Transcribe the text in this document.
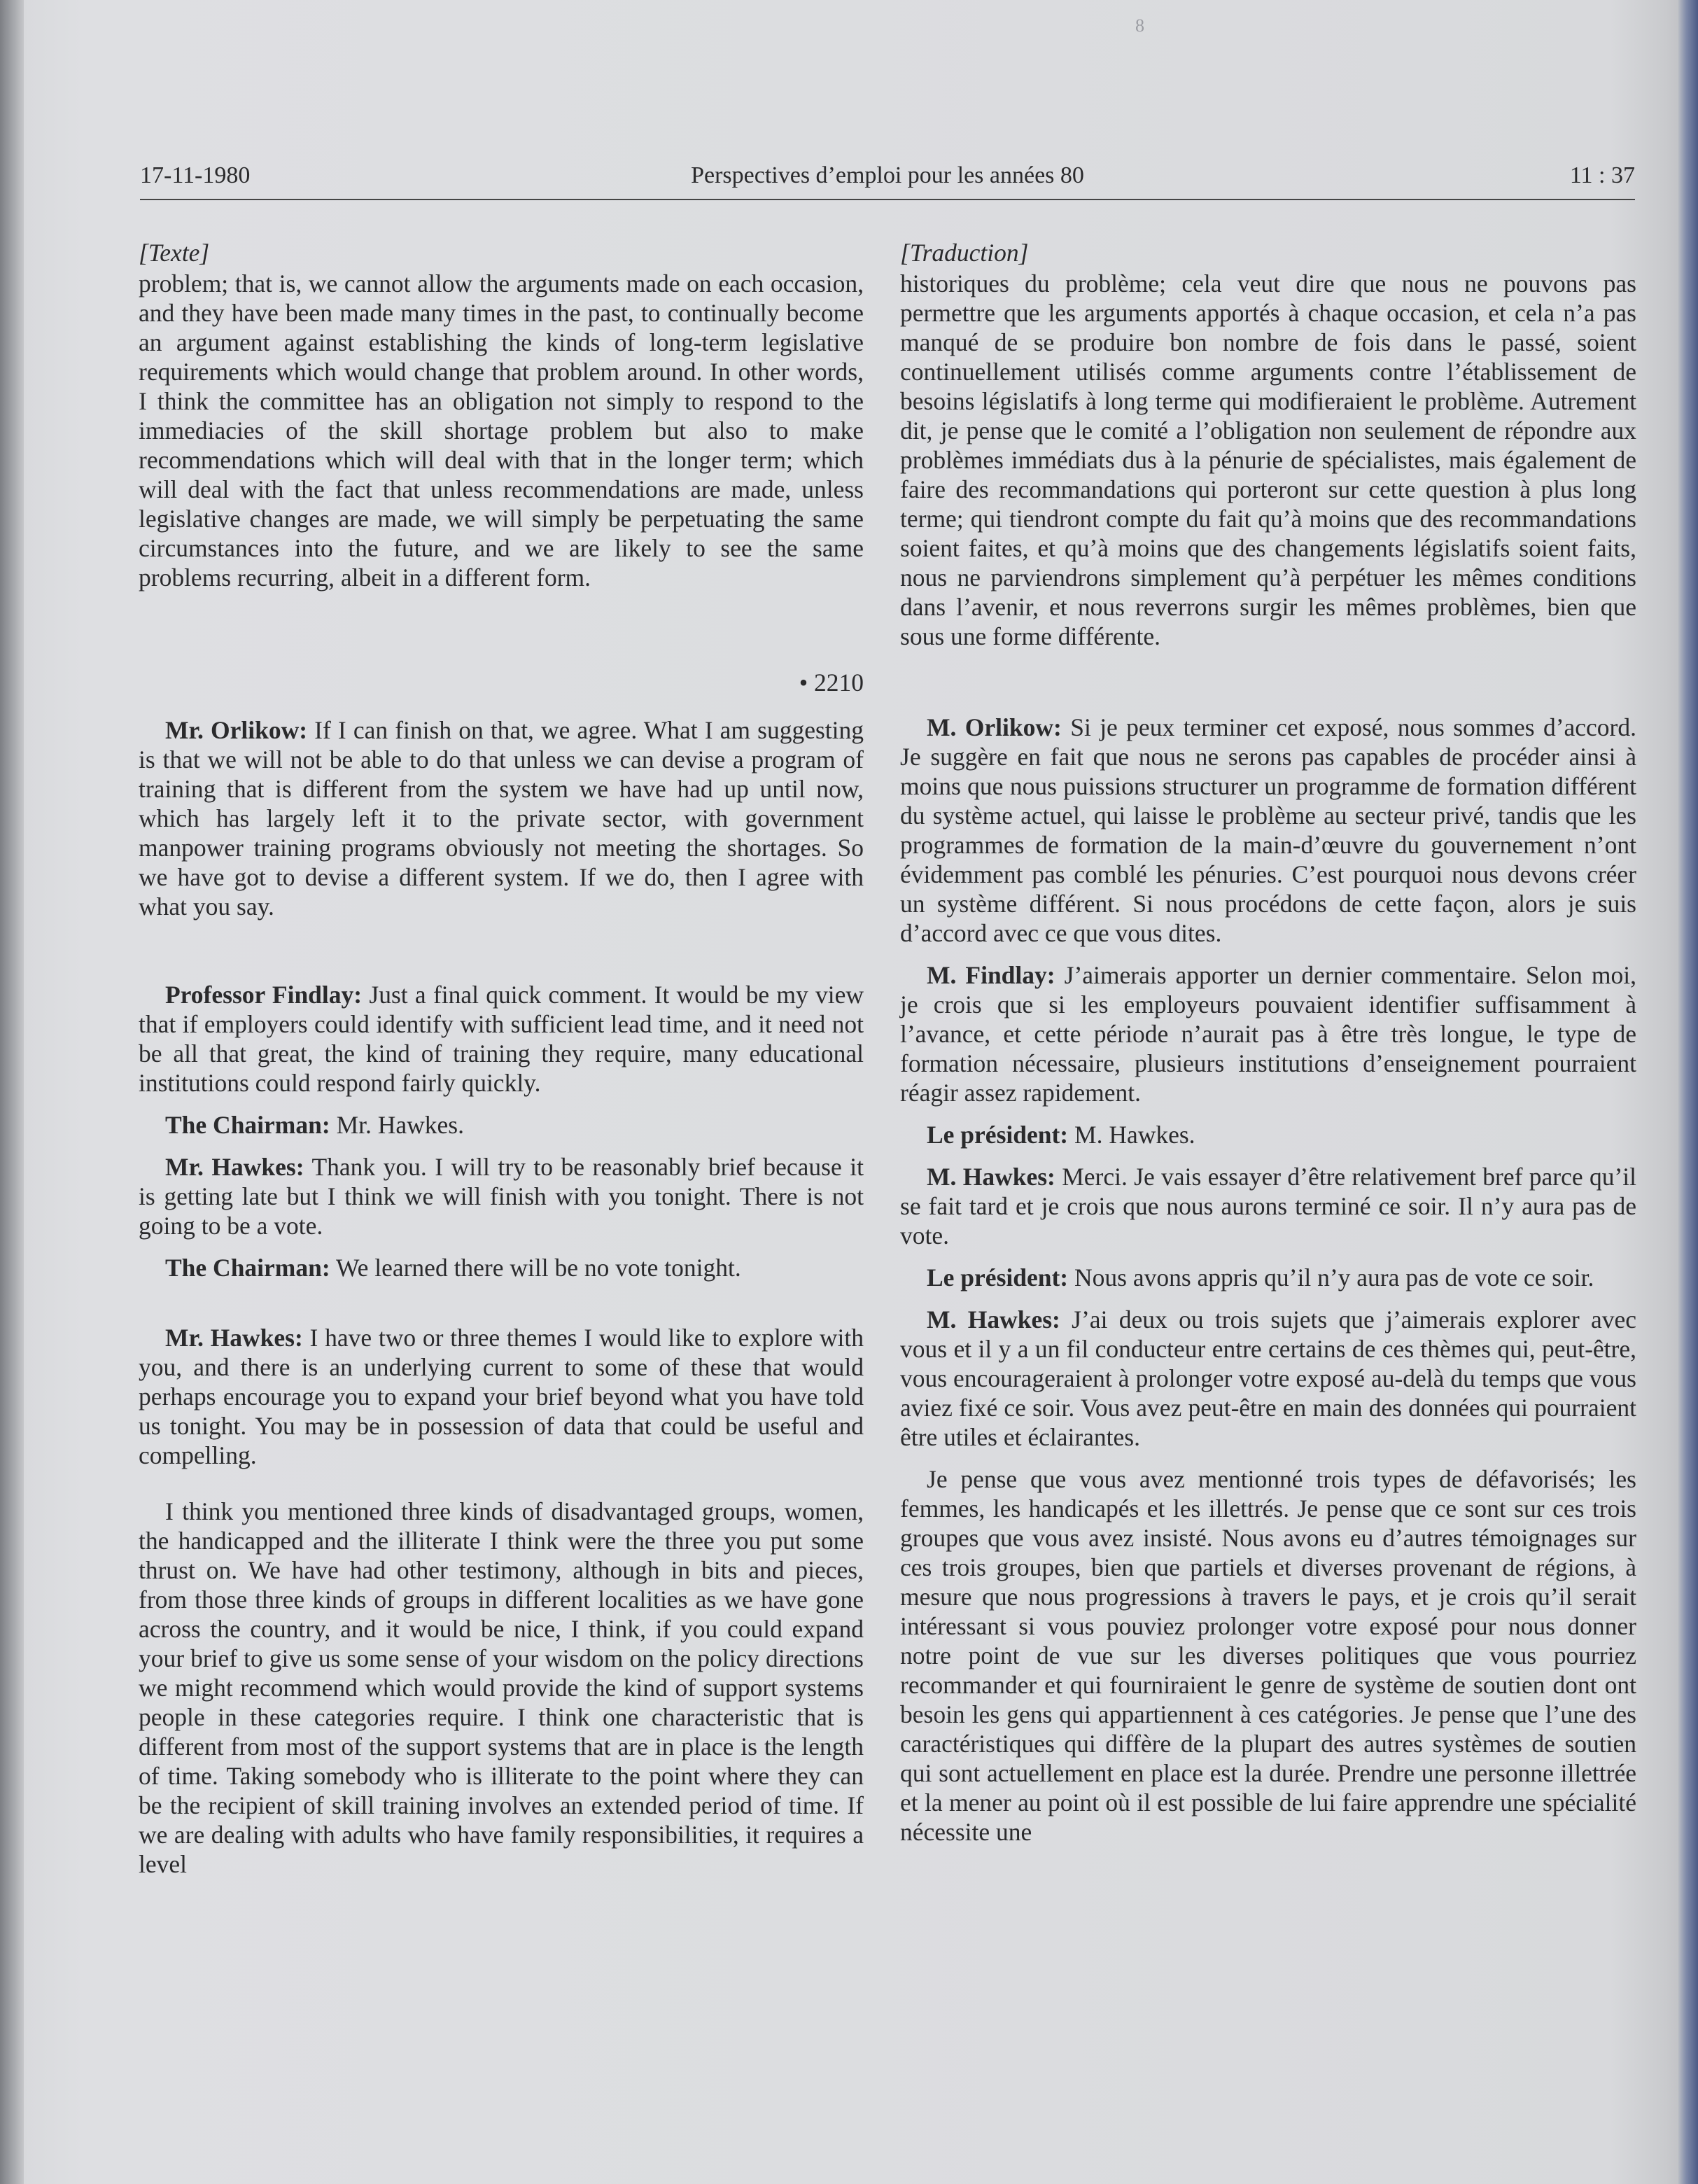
8
17-11-1980	Perspectives d’emploi pour les années 80	11 : 37
[Texte]

problem; that is, we cannot allow the arguments made on each occasion, and they have been made many times in the past, to continually become an argument against establishing the kinds of long-term legislative requirements which would change that problem around. In other words, I think the committee has an obligation not simply to respond to the immediacies of the skill shortage problem but also to make recommendations which will deal with that in the longer term; which will deal with the fact that unless recommendations are made, unless legislative changes are made, we will simply be perpetuating the same circumstances into the future, and we are likely to see the same problems recurring, albeit in a different form.

• 2210

Mr. Orlikow: If I can finish on that, we agree. What I am suggesting is that we will not be able to do that unless we can devise a program of training that is different from the system we have had up until now, which has largely left it to the private sector, with government manpower training programs obviously not meeting the shortages. So we have got to devise a different system. If we do, then I agree with what you say.

Professor Findlay: Just a final quick comment. It would be my view that if employers could identify with sufficient lead time, and it need not be all that great, the kind of training they require, many educational institutions could respond fairly quickly.

The Chairman: Mr. Hawkes.

Mr. Hawkes: Thank you. I will try to be reasonably brief because it is getting late but I think we will finish with you tonight. There is not going to be a vote.

The Chairman: We learned there will be no vote tonight.

Mr. Hawkes: I have two or three themes I would like to explore with you, and there is an underlying current to some of these that would perhaps encourage you to expand your brief beyond what you have told us tonight. You may be in possession of data that could be useful and compelling.

I think you mentioned three kinds of disadvantaged groups, women, the handicapped and the illiterate I think were the three you put some thrust on. We have had other testimony, although in bits and pieces, from those three kinds of groups in different localities as we have gone across the country, and it would be nice, I think, if you could expand your brief to give us some sense of your wisdom on the policy directions we might recommend which would provide the kind of support systems people in these categories require. I think one characteristic that is different from most of the support systems that are in place is the length of time. Taking somebody who is illiterate to the point where they can be the recipient of skill training involves an extended period of time. If we are dealing with adults who have family responsibilities, it requires a level

[Traduction]

historiques du problème; cela veut dire que nous ne pouvons pas permettre que les arguments apportés à chaque occasion, et cela n’a pas manqué de se produire bon nombre de fois dans le passé, soient continuellement utilisés comme arguments contre l’établissement de besoins législatifs à long terme qui modifieraient le problème. Autrement dit, je pense que le comité a l’obligation non seulement de répondre aux problèmes immédiats dus à la pénurie de spécialistes, mais également de faire des recommandations qui porteront sur cette question à plus long terme; qui tiendront compte du fait qu’à moins que des recommandations soient faites, et qu’à moins que des changements législatifs soient faits, nous ne parviendrons simplement qu’à perpétuer les mêmes conditions dans l’avenir, et nous reverrons surgir les mêmes problèmes, bien que sous une forme différente.

M. Orlikow: Si je peux terminer cet exposé, nous sommes d’accord. Je suggère en fait que nous ne serons pas capables de procéder ainsi à moins que nous puissions structurer un programme de formation différent du système actuel, qui laisse le problème au secteur privé, tandis que les programmes de formation de la main-d’œuvre du gouvernement n’ont évidemment pas comblé les pénuries. C’est pourquoi nous devons créer un système différent. Si nous procédons de cette façon, alors je suis d’accord avec ce que vous dites.

M. Findlay: J’aimerais apporter un dernier commentaire. Selon moi, je crois que si les employeurs pouvaient identifier suffisamment à l’avance, et cette période n’aurait pas à être très longue, le type de formation nécessaire, plusieurs institutions d’enseignement pourraient réagir assez rapidement.

Le président: M. Hawkes.

M. Hawkes: Merci. Je vais essayer d’être relativement bref parce qu’il se fait tard et je crois que nous aurons terminé ce soir. Il n’y aura pas de vote.

Le président: Nous avons appris qu’il n’y aura pas de vote ce soir.

M. Hawkes: J’ai deux ou trois sujets que j’aimerais explorer avec vous et il y a un fil conducteur entre certains de ces thèmes qui, peut-être, vous encourageraient à prolonger votre exposé au-delà du temps que vous aviez fixé ce soir. Vous avez peut-être en main des données qui pourraient être utiles et éclairantes.

Je pense que vous avez mentionné trois types de défavorisés; les femmes, les handicapés et les illettrés. Je pense que ce sont sur ces trois groupes que vous avez insisté. Nous avons eu d’autres témoignages sur ces trois groupes, bien que partiels et diverses provenant de régions, à mesure que nous progressions à travers le pays, et je crois qu’il serait intéressant si vous pouviez prolonger votre exposé pour nous donner notre point de vue sur les diverses politiques que vous pourriez recommander et qui fourniraient le genre de système de soutien dont ont besoin les gens qui appartiennent à ces catégories. Je pense que l’une des caractéristiques qui diffère de la plupart des autres systèmes de soutien qui sont actuellement en place est la durée. Prendre une personne illettrée et la mener au point où il est possible de lui faire apprendre une spécialité nécessite une
